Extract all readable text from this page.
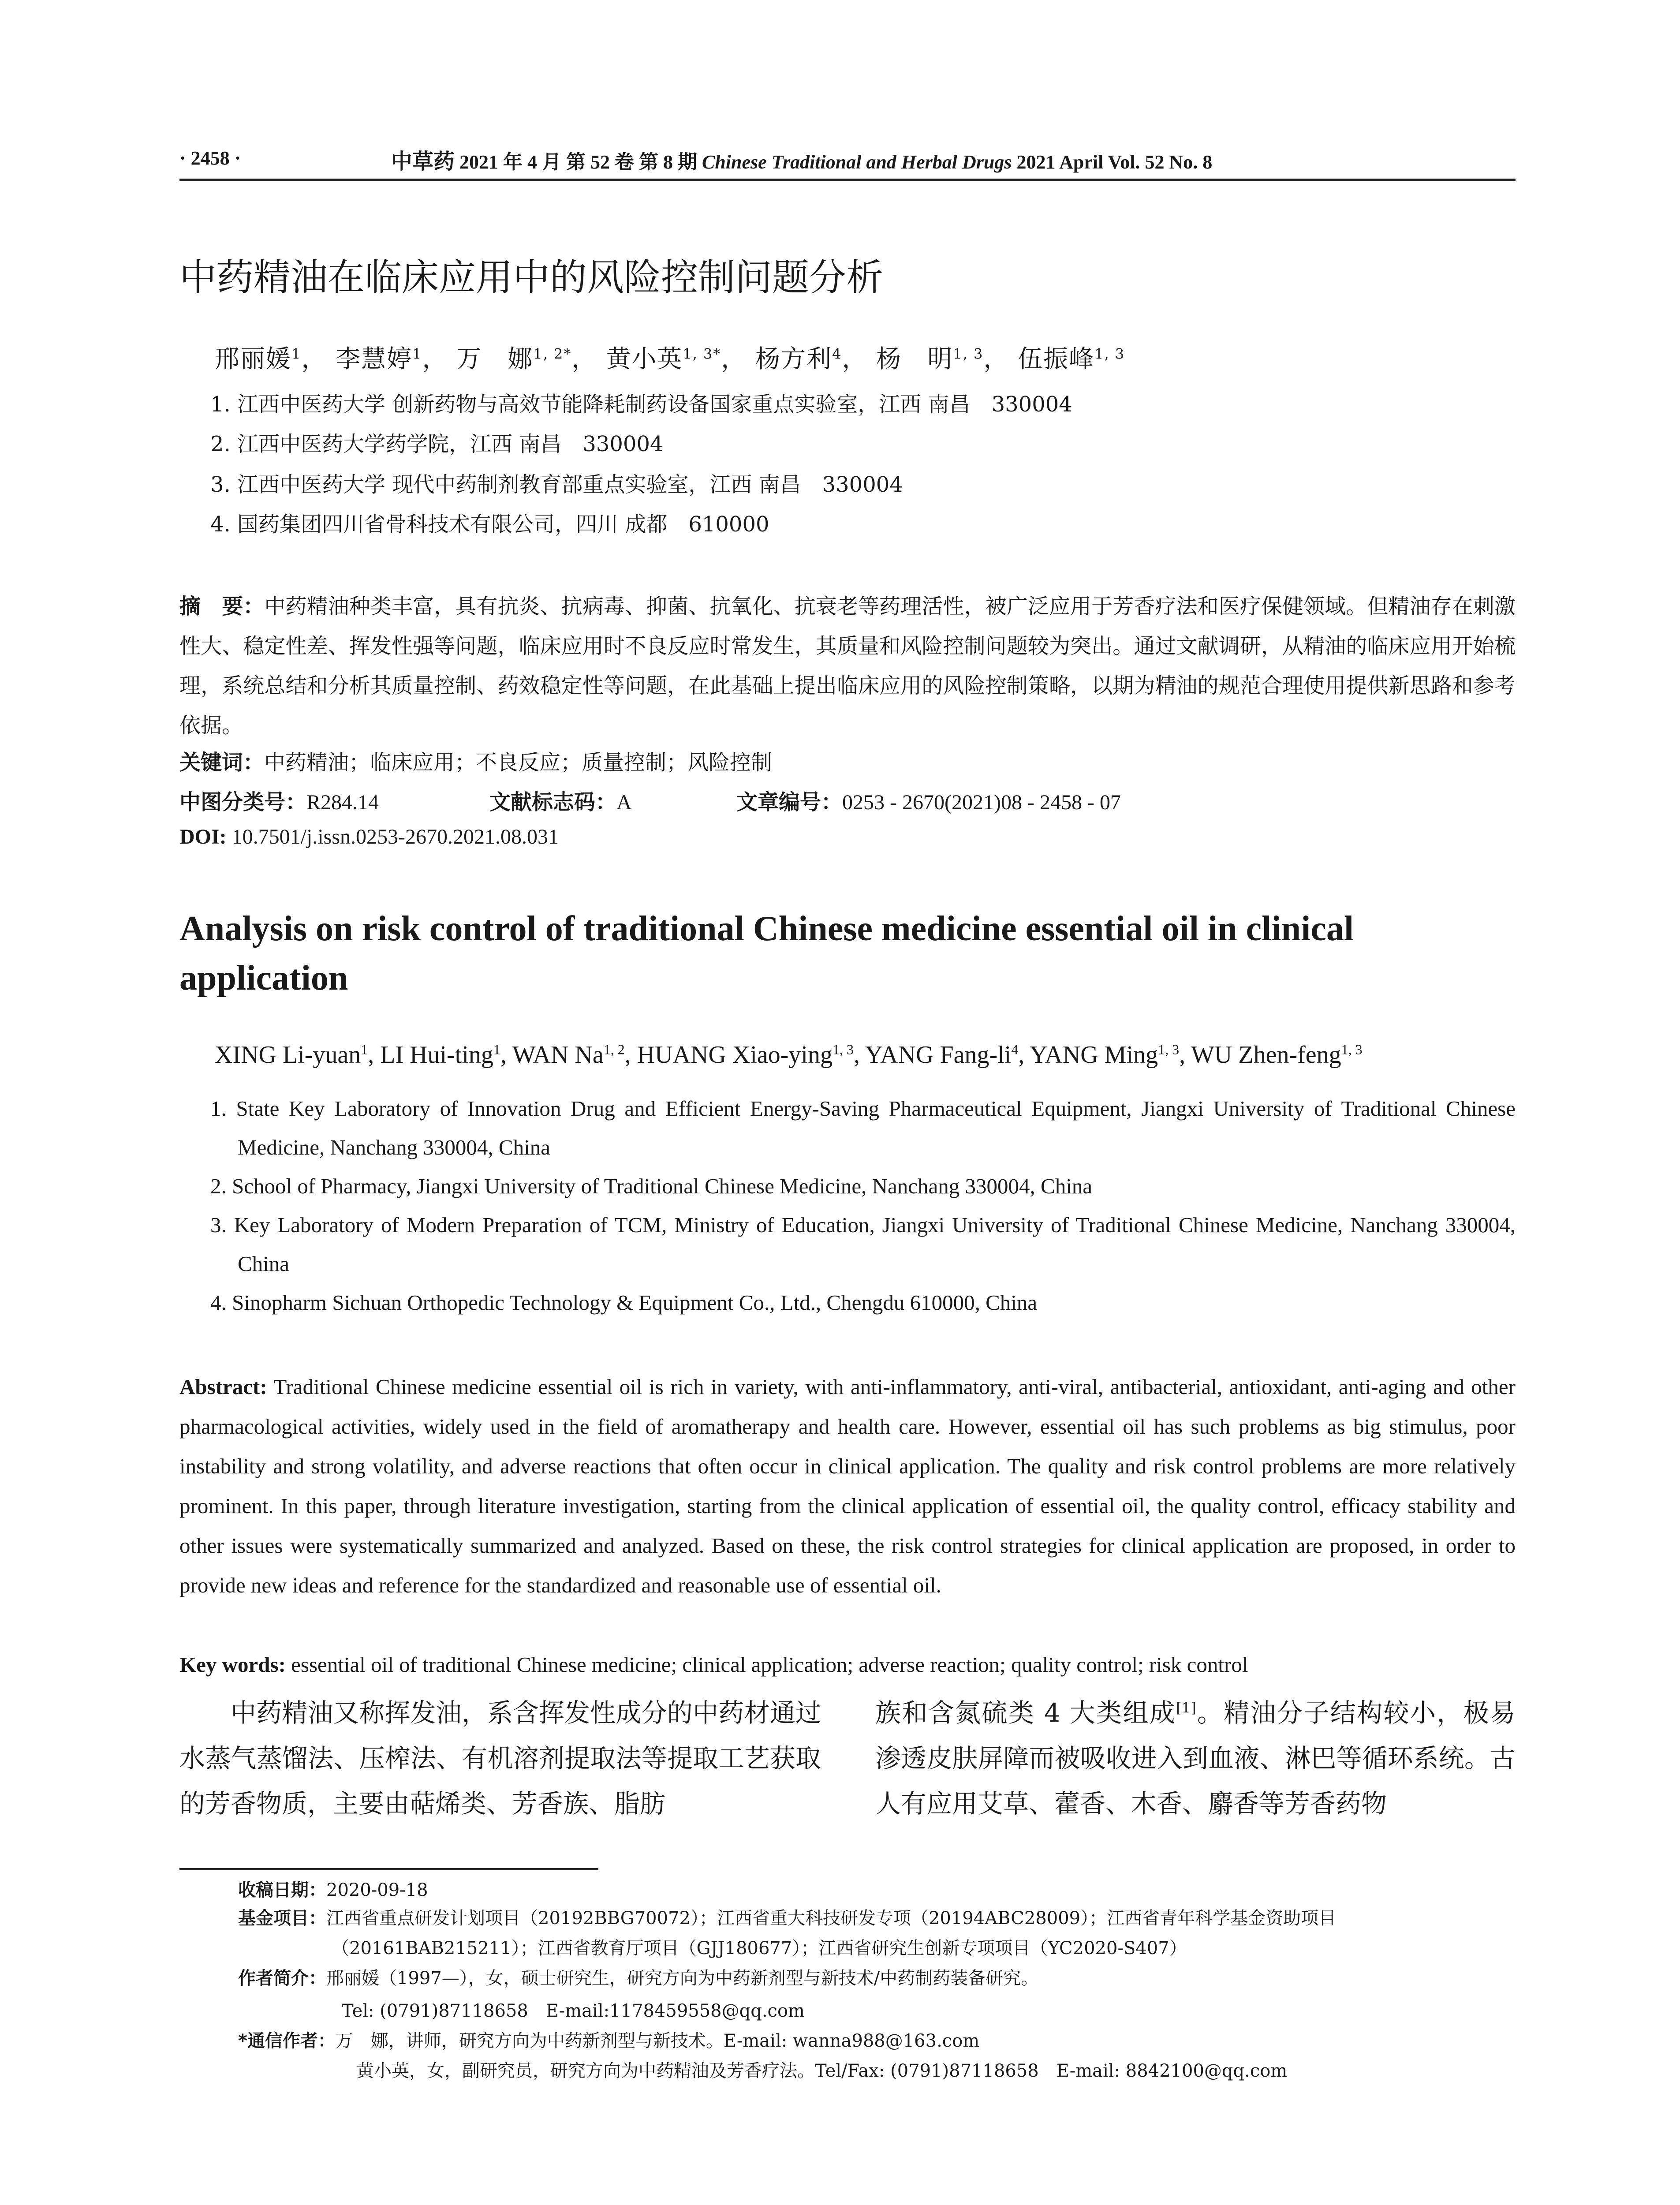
· 2458 ·	中草药 2021 年 4 月 第 52 卷 第 8 期 Chinese Traditional and Herbal Drugs 2021 April Vol. 52 No. 8
中药精油在临床应用中的风险控制问题分析
邢丽媛$^1$， 李慧婷$^1$， 万　娜$^{1, 2*}$， 黄小英$^{1, 3*}$， 杨方利$^4$， 杨　明$^{1, 3}$， 伍振峰$^{1, 3}$
1. 江西中医药大学 创新药物与高效节能降耗制药设备国家重点实验室，江西 南昌　330004
2. 江西中医药大学药学院，江西 南昌　330004
3. 江西中医药大学 现代中药制剂教育部重点实验室，江西 南昌　330004
4. 国药集团四川省骨科技术有限公司，四川 成都　610000
摘　要：中药精油种类丰富，具有抗炎、抗病毒、抑菌、抗氧化、抗衰老等药理活性，被广泛应用于芳香疗法和医疗保健领域。但精油存在刺激性大、稳定性差、挥发性强等问题，临床应用时不良反应时常发生，其质量和风险控制问题较为突出。通过文献调研，从精油的临床应用开始梳理，系统总结和分析其质量控制、药效稳定性等问题，在此基础上提出临床应用的风险控制策略，以期为精油的规范合理使用提供新思路和参考依据。
关键词：中药精油；临床应用；不良反应；质量控制；风险控制
中图分类号：R284.14	文献标志码：A	文章编号：0253 - 2670(2021)08 - 2458 - 07
DOI: 10.7501/j.issn.0253-2670.2021.08.031
Analysis on risk control of traditional Chinese medicine essential oil in clinical application
XING Li-yuan$^1$, LI Hui-ting$^1$, WAN Na$^{1, 2}$, HUANG Xiao-ying$^{1, 3}$, YANG Fang-$li^4$, YANG Ming$^{1, 3}$, WU Zhen-feng$^{1, 3}$
1. State Key Laboratory of Innovation Drug and Efficient Energy-Saving Pharmaceutical Equipment, Jiangxi University of Traditional Chinese Medicine, Nanchang 330004, China
2. School of Pharmacy, Jiangxi University of Traditional Chinese Medicine, Nanchang 330004, China
3. Key Laboratory of Modern Preparation of TCM, Ministry of Education, Jiangxi University of Traditional Chinese Medicine, Nanchang 330004, China
4. Sinopharm Sichuan Orthopedic Technology & Equipment Co., Ltd., Chengdu 610000, China
Abstract: Traditional Chinese medicine essential oil is rich in variety, with anti-inflammatory, anti-viral, antibacterial, antioxidant, anti-aging and other pharmacological activities, widely used in the field of aromatherapy and health care. However, essential oil has such problems as big stimulus, poor instability and strong volatility, and adverse reactions that often occur in clinical application. The quality and risk control problems are more relatively prominent. In this paper, through literature investigation, starting from the clinical application of essential oil, the quality control, efficacy stability and other issues were systematically summarized and analyzed. Based on these, the risk control strategies for clinical application are proposed, in order to provide new ideas and reference for the standardized and reasonable use of essential oil.
Key words: essential oil of traditional Chinese medicine; clinical application; adverse reaction; quality control; risk control
中药精油又称挥发油，系含挥发性成分的中药材通过水蒸气蒸馏法、压榨法、有机溶剂提取法等提取工艺获取的芳香物质，主要由萜烯类、芳香族、脂肪
族和含氮硫类 4 大类组成[1]。精油分子结构较小，极易渗透皮肤屏障而被吸收进入到血液、淋巴等循环系统。古人有应用艾草、藿香、木香、麝香等芳香药物
收稿日期：2020-09-18
基金项目：江西省重点研发计划项目（20192BBG70072）；江西省重大科技研发专项（20194ABC28009）；江西省青年科学基金资助项目
（20161BAB215211）；江西省教育厅项目（GJJ180677）；江西省研究生创新专项项目（YC2020-S407）
作者简介：邢丽媛（1997—），女，硕士研究生，研究方向为中药新剂型与新技术/中药制药装备研究。
Tel: (0791)87118658　E-mail:1178459558@qq.com
*通信作者：万　娜，讲师，研究方向为中药新剂型与新技术。E-mail: wanna988@163.com
黄小英，女，副研究员，研究方向为中药精油及芳香疗法。Tel/Fax: (0791)87118658　E-mail: 8842100@qq.com
